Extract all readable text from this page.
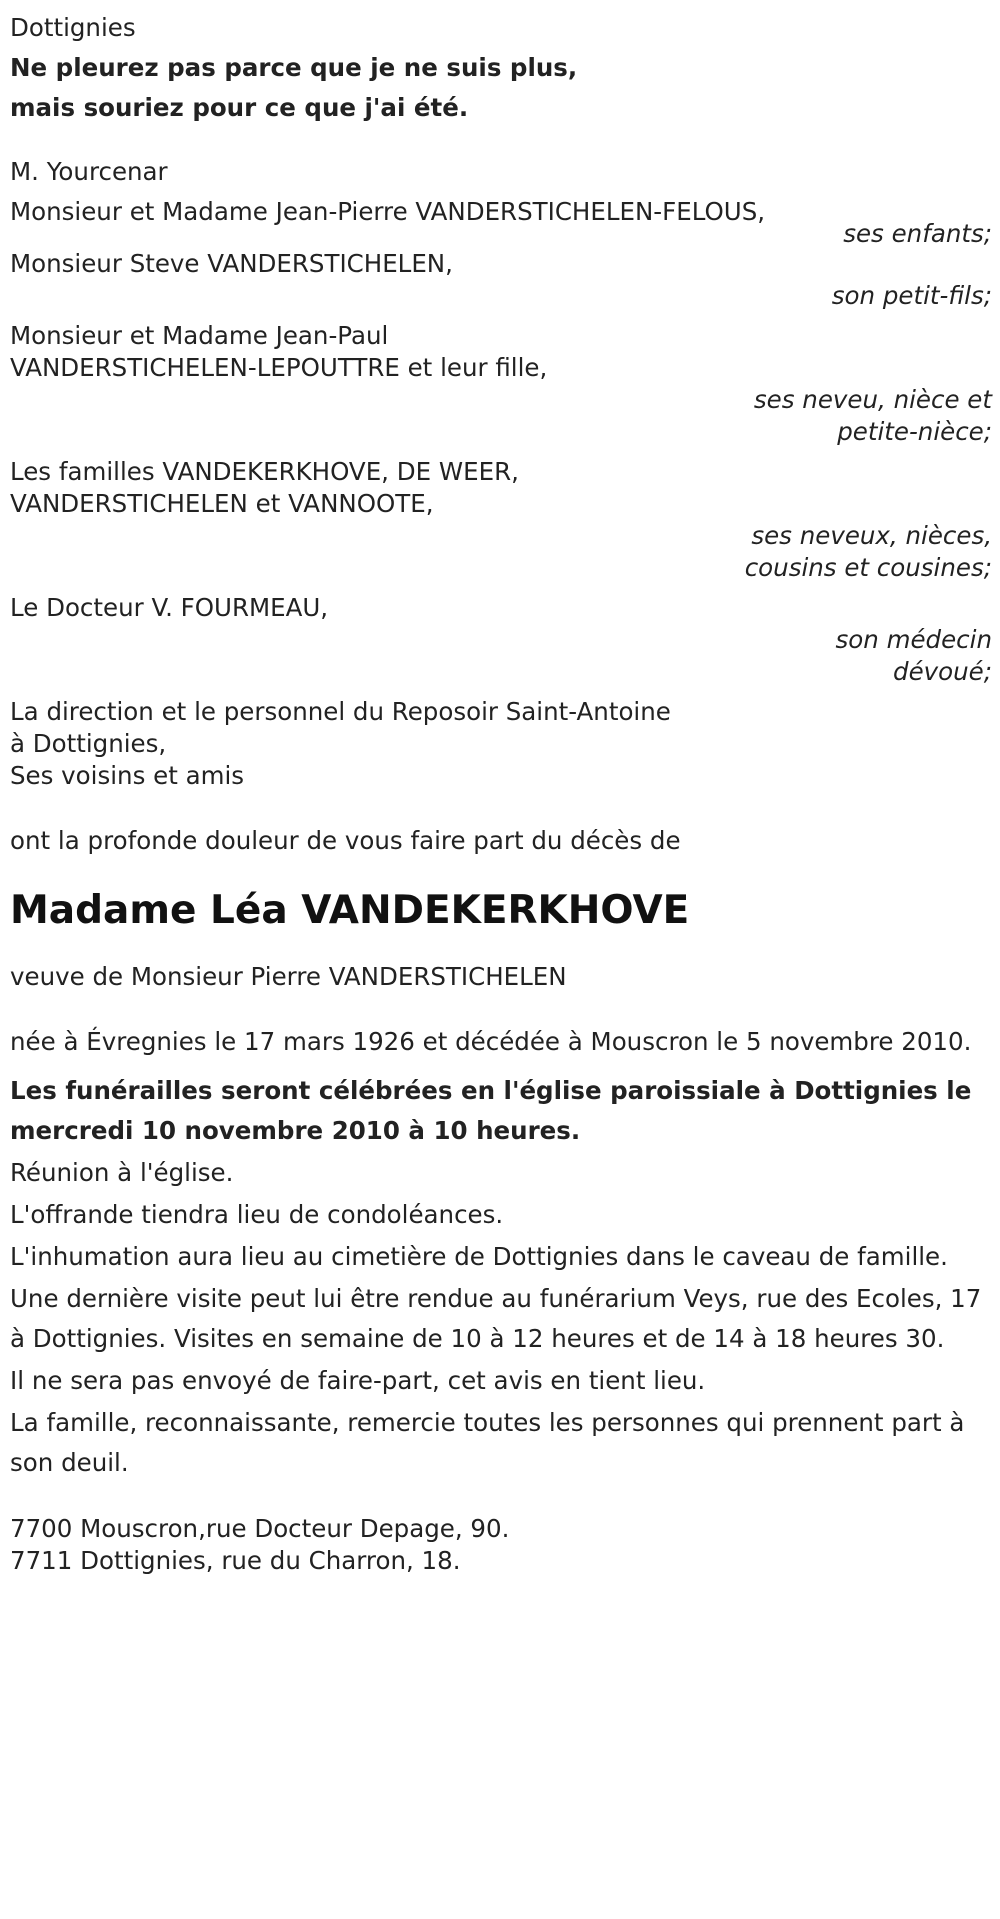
Dottignies

Ne pleurez pas parce que je ne suis plus,

mais souriez pour ce que j'ai été.

M. Yourcenar

Monsieur et Madame Jean-Pierre VANDERSTICHELEN-FELOUS,

ses enfants;

Monsieur Steve VANDERSTICHELEN,

son petit-fils;

Monsieur et Madame Jean-Paul

VANDERSTICHELEN-LEPOUTTRE et leur fille,

ses neveu, nièce et

petite-nièce;

Les familles VANDEKERKHOVE, DE WEER,

VANDERSTICHELEN et VANNOOTE,

ses neveux, nièces,

cousins et cousines;

Le Docteur V. FOURMEAU,

son médecin

dévoué;

La direction et le personnel du Reposoir Saint-Antoine

à Dottignies,

Ses voisins et amis

ont la profonde douleur de vous faire part du décès de

Madame Léa VANDEKERKHOVE

veuve de Monsieur Pierre VANDERSTICHELEN

née à Évregnies le 17 mars 1926 et décédée à Mouscron le 5 novembre 2010.

Les funérailles seront célébrées en l'église paroissiale à Dottignies le mercredi 10 novembre 2010 à 10 heures.

Réunion à l'église.

L'offrande tiendra lieu de condoléances.

L'inhumation aura lieu au cimetière de Dottignies dans le caveau de famille.

Une dernière visite peut lui être rendue au funérarium Veys, rue des Ecoles, 17 à Dottignies. Visites en semaine de 10 à 12 heures et de 14 à 18 heures 30.

Il ne sera pas envoyé de faire-part, cet avis en tient lieu.

La famille, reconnaissante, remercie toutes les personnes qui prennent part à son deuil.

7700 Mouscron,rue Docteur Depage, 90.

7711 Dottignies, rue du Charron, 18.
